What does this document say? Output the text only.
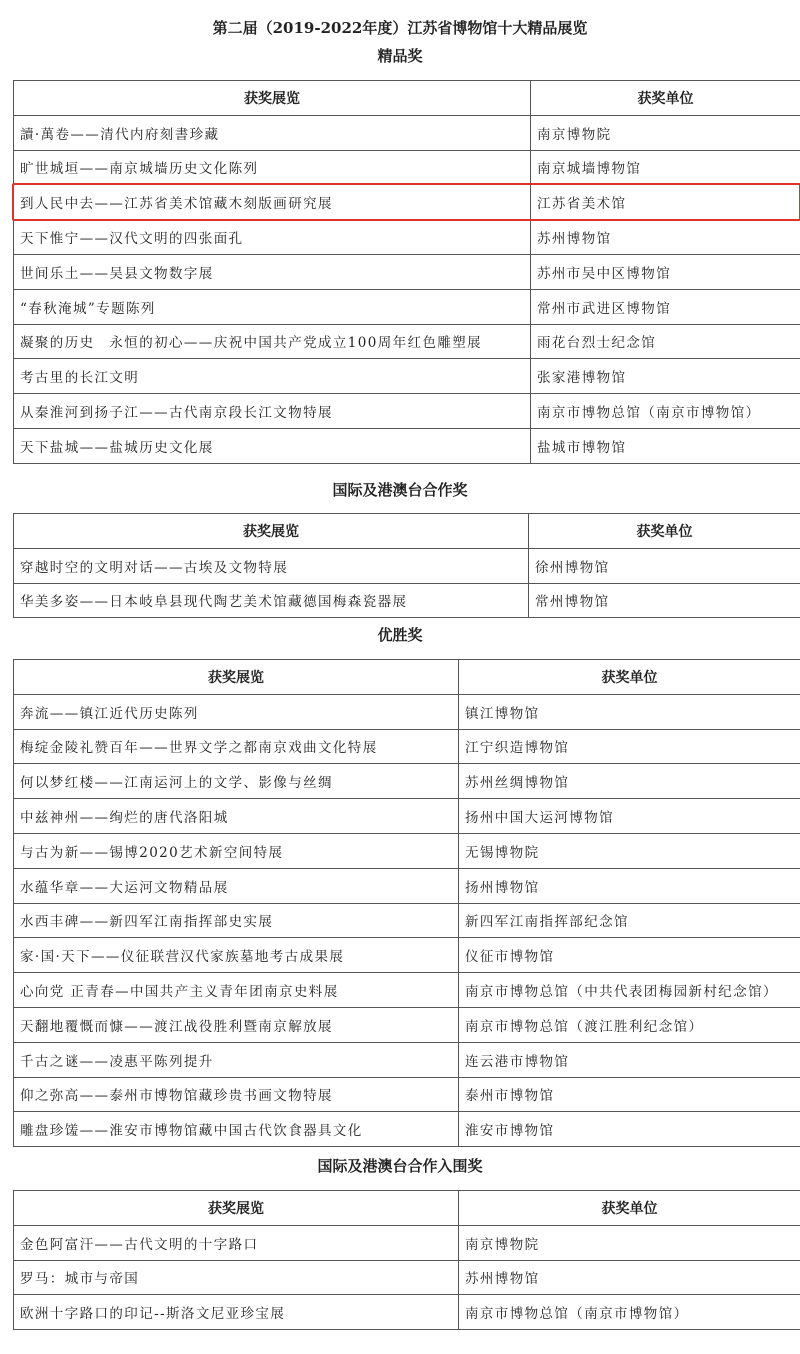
第二届（2019-2022年度）江苏省博物馆十大精品展览
精品奖
获奖展览	获奖单位
讀·萬卷——清代内府刻書珍藏	南京博物院
旷世城垣——南京城墙历史文化陈列	南京城墙博物馆
到人民中去——江苏省美术馆藏木刻版画研究展	江苏省美术馆
天下惟宁——汉代文明的四张面孔	苏州博物馆
世间乐土——吴县文物数字展	苏州市吴中区博物馆
“春秋淹城”专题陈列	常州市武进区博物馆
凝聚的历史　永恒的初心——庆祝中国共产党成立100周年红色雕塑展	雨花台烈士纪念馆
考古里的长江文明	张家港博物馆
从秦淮河到扬子江——古代南京段长江文物特展	南京市博物总馆（南京市博物馆）
天下盐城——盐城历史文化展	盐城市博物馆
国际及港澳台合作奖
获奖展览	获奖单位
穿越时空的文明对话——古埃及文物特展	徐州博物馆
华美多姿——日本岐阜县现代陶艺美术馆藏德国梅森瓷器展	常州博物馆
优胜奖
获奖展览	获奖单位
奔流——镇江近代历史陈列	镇江博物馆
梅绽金陵礼赞百年——世界文学之都南京戏曲文化特展	江宁织造博物馆
何以梦红楼——江南运河上的文学、影像与丝绸	苏州丝绸博物馆
中兹神州——绚烂的唐代洛阳城	扬州中国大运河博物馆
与古为新——锡博2020艺术新空间特展	无锡博物院
水蕴华章——大运河文物精品展	扬州博物馆
水西丰碑——新四军江南指挥部史实展	新四军江南指挥部纪念馆
家·国·天下——仪征联营汉代家族墓地考古成果展	仪征市博物馆
心向党 正青春—中国共产主义青年团南京史料展	南京市博物总馆（中共代表团梅园新村纪念馆）
天翻地覆慨而慷——渡江战役胜利暨南京解放展	南京市博物总馆（渡江胜利纪念馆）
千古之谜——凌惠平陈列提升	连云港市博物馆
仰之弥高——泰州市博物馆藏珍贵书画文物特展	泰州市博物馆
雕盘珍馐——淮安市博物馆藏中国古代饮食器具文化	淮安市博物馆
国际及港澳台合作入围奖
获奖展览	获奖单位
金色阿富汗——古代文明的十字路口	南京博物院
罗马：城市与帝国	苏州博物馆
欧洲十字路口的印记--斯洛文尼亚珍宝展	南京市博物总馆（南京市博物馆）
